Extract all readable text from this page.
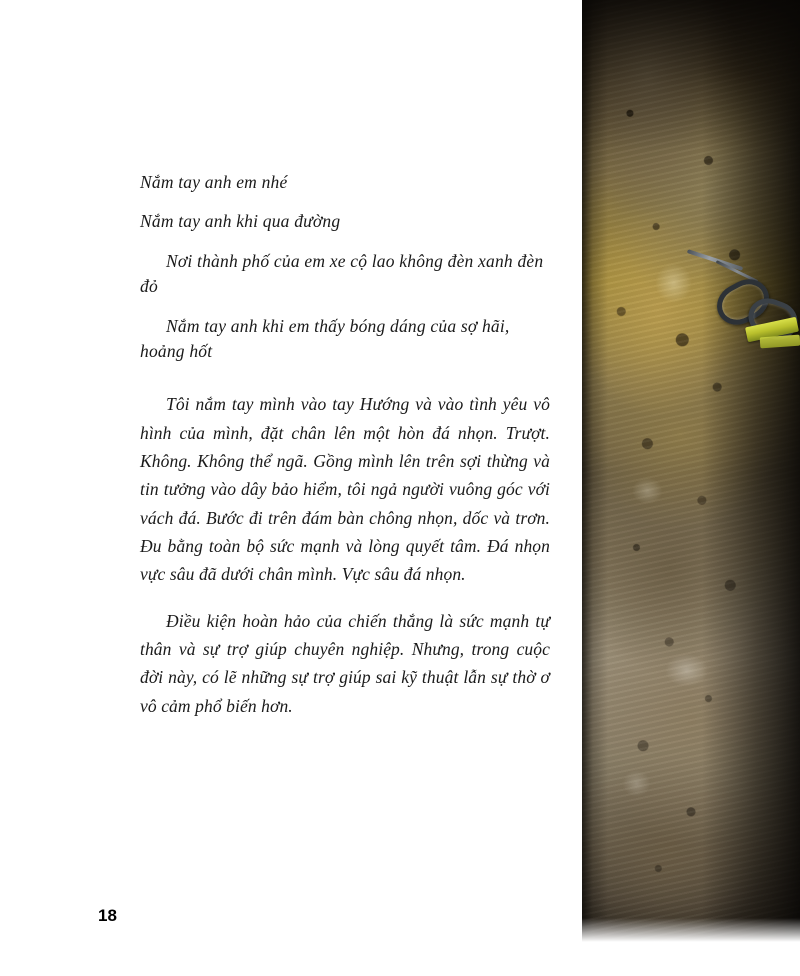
Nắm tay anh em nhé

Nắm tay anh khi qua đường

Nơi thành phố của em xe cộ lao không đèn xanh đèn đỏ

Nắm tay anh khi em thấy bóng dáng của sợ hãi, hoảng hốt

Tôi nắm tay mình vào tay Hướng và vào tình yêu vô hình của mình, đặt chân lên một hòn đá nhọn. Trượt. Không. Không thể ngã. Gồng mình lên trên sợi thừng và tin tưởng vào dây bảo hiểm, tôi ngả người vuông góc với vách đá. Bước đi trên đám bàn chông nhọn, dốc và trơn. Đu bằng toàn bộ sức mạnh và lòng quyết tâm. Đá nhọn vực sâu đã dưới chân mình. Vực sâu đá nhọn.

Điều kiện hoàn hảo của chiến thắng là sức mạnh tự thân và sự trợ giúp chuyên nghiệp. Nhưng, trong cuộc đời này, có lẽ những sự trợ giúp sai kỹ thuật lẫn sự thờ ơ vô cảm phổ biến hơn.

18
